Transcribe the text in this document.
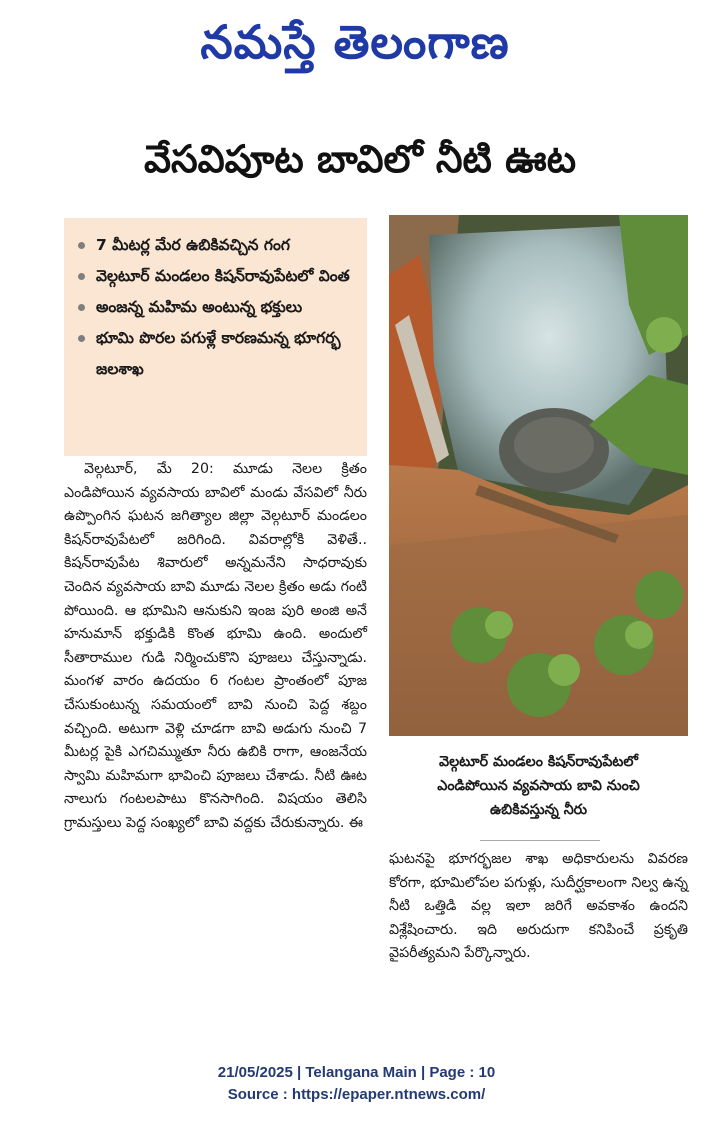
నమస్తే తెలంగాణ
వేసవిపూట బావిలో నీటి ఊట
7 మీటర్ల మేర ఉబికివచ్చిన గంగ
వెల్గటూర్‌ మండలం కిషన్‌రావుపేటలో వింత
అంజన్న మహిమ అంటున్న భక్తులు
భూమి పొరల పగుళ్లే కారణమన్న భూగర్భ జలశాఖ

వెల్గటూర్‌, మే 20: మూడు నెలల క్రితం ఎండిపోయిన వ్యవసాయ బావిలో మండు వేసవిలో నీరు ఉప్పొంగిన ఘటన జగిత్యాల జిల్లా వెల్గటూర్‌ మండలం కిషన్‌రావుపేటలో జరిగింది. వివరాల్లోకి వెళితే.. కిషన్‌రావుపేట శివారులో అన్నమనేని సాధరావుకు చెందిన వ్యవసాయ బావి మూడు నెలల క్రితం అడు గంటి పోయింది. ఆ భూమిని ఆనుకుని ఇంజ పురి అంజి అనే హనుమాన్‌ భక్తుడికి కొంత భూమి ఉంది. అందులో సీతారాముల గుడి నిర్మించుకొని పూజలు చేస్తున్నాడు. మంగళ వారం ఉదయం 6 గంటల ప్రాంతంలో పూజ చేసుకుంటున్న సమయంలో బావి నుంచి పెద్ద శబ్దం వచ్చింది. అటుగా వెళ్లి చూడగా బావి అడుగు నుంచి 7 మీటర్ల పైకి ఎగచిమ్ముతూ నీరు ఉబికి రాగా, ఆంజనేయ స్వామి మహిమగా భావించి పూజలు చేశాడు. నీటి ఊట నాలుగు గంటలపాటు కొనసాగింది. విషయం తెలిసి గ్రామస్తులు పెద్ద సంఖ్యలో బావి వద్దకు చేరుకున్నారు. ఈ

వెల్గటూర్‌ మండలం కిషన్‌రావుపేటలో
ఎండిపోయిన వ్యవసాయ బావి నుంచి
ఉబికివస్తున్న నీరు

ఘటనపై భూగర్భజల శాఖ అధికారులను వివరణ కోరగా, భూమిలోపల పగుళ్లు, సుదీర్ఘకాలంగా నిల్వ ఉన్న నీటి ఒత్తిడి వల్ల ఇలా జరిగే అవకాశం ఉందని విశ్లేషించారు. ఇది అరుదుగా కనిపించే ప్రకృతి వైపరీత్యమని పేర్కొన్నారు.

21/05/2025 | Telangana Main | Page : 10
Source : https://epaper.ntnews.com/
